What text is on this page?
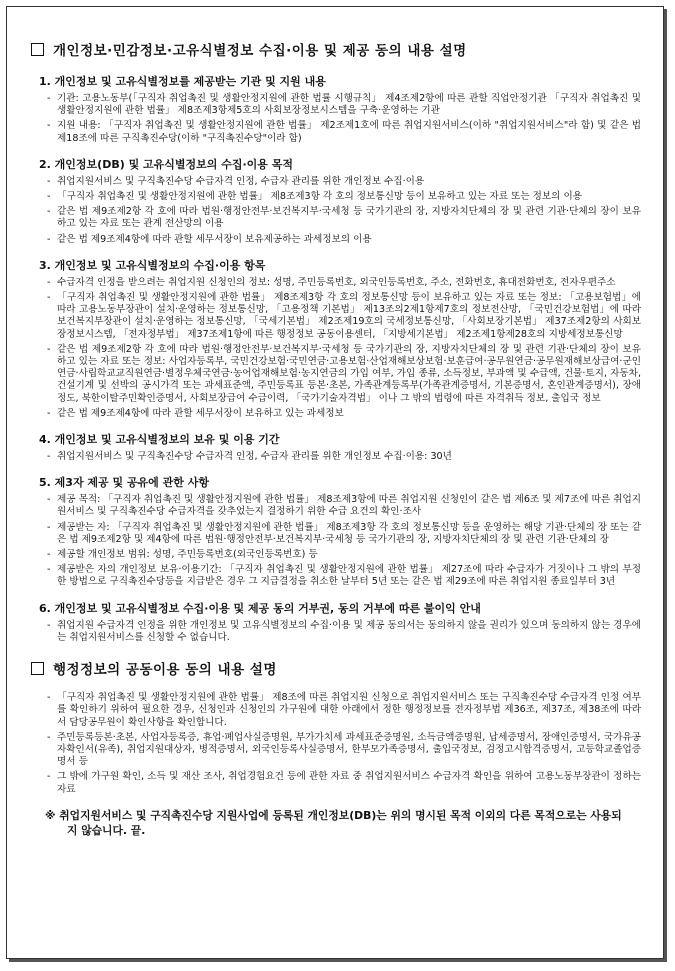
개인정보·민감정보·고유식별정보 수집·이용 및 제공 동의 내용 설명
1. 개인정보 및 고유식별정보를 제공받는 기관 및 지원 내용
- 기관: 고용노동부(「구직자 취업촉진 및 생활안정지원에 관한 법률 시행규칙」 제4조제2항에 따른 관할 직업안정기관 「구직자 취업촉진 및 생활안정지원에 관한 법률」 제8조제3항제5호의 사회보장정보시스템을 구축·운영하는 기관
- 지원 내용: 「구직자 취업촉진 및 생활안정지원에 관한 법률」 제2조제1호에 따른 취업지원서비스(이하 "취업지원서비스"라 함) 및 같은 법 제18조에 따른 구직촉진수당(이하 "구직촉진수당"이라 함)
2. 개인정보(DB) 및 고유식별정보의 수집·이용 목적
- 취업지원서비스 및 구직촉진수당 수급자격 인정, 수급자 관리를 위한 개인정보 수집·이용
- 「구직자 취업촉진 및 생활안정지원에 관한 법률」 제8조제3항 각 호의 정보통신망 등이 보유하고 있는 자료 또는 정보의 이용
- 같은 법 제9조제2항 각 호에 따라 법원·행정안전부·보건복지부·국세청 등 국가기관의 장, 지방자치단체의 장 및 관련 기관·단체의 장이 보유하고 있는 자료 또는 관계 전산망의 이용
- 같은 법 제9조제4항에 따라 관할 세무서장이 보유제공하는 과세정보의 이용
3. 개인정보 및 고유식별정보의 수집·이용 항목
- 수급자격 인정을 받으려는 취업지원 신청인의 정보: 성명, 주민등록번호, 외국인등록번호, 주소, 전화번호, 휴대전화번호, 전자우편주소
- 「구직자 취업촉진 및 생활안정지원에 관한 법률」 제8조제3항 각 호의 정보통신망 등이 보유하고 있는 자료 또는 정보: 「고용보험법」에 따라 고용노동부장관이 설치·운영하는 정보통신망, 「고용정책 기본법」 제13조의2제1항제7호의 정보전산망, 「국민건강보험법」에 따라 보건복지부장관이 설치·운영하는 정보통신망, 「국세기본법」 제2조제19호의 국세정보통신망, 「사회보장기본법」 제37조제2항의 사회보장정보시스템, 「전자정부법」 제37조제1항에 따른 행정정보 공동이용센터, 「지방세기본법」 제2조제1항제28호의 지방세정보통신망
- 같은 법 제9조제2항 각 호에 따라 법원·행정안전부·보건복지부·국세청 등 국가기관의 장, 지방자치단체의 장 및 관련 기관·단체의 장이 보유하고 있는 자료 또는 정보: 사업자등록부, 국민건강보험·국민연금·고용보험·산업재해보상보험·보훈급여·공무원연금·공무원재해보상급여·군인연금·사립학교교직원연금·별정우체국연금·농어업재해보험·농지연금의 가입 여부, 가입 종류, 소득정보, 부과액 및 수급액, 건물·토지, 자동차, 건설기계 및 선박의 공시가격 또는 과세표준액, 주민등록표 등본·초본, 가족관계등록부(가족관계증명서, 기본증명서, 혼인관계증명서), 장애 정도, 북한이탈주민확인증명서, 사회보장급여 수급이력, 「국가기술자격법」 이나 그 밖의 법령에 따른 자격취득 정보, 출입국 정보
- 같은 법 제9조제4항에 따라 관할 세무서장이 보유하고 있는 과세정보
4. 개인정보 및 고유식별정보의 보유 및 이용 기간
- 취업지원서비스 및 구직촉진수당 수급자격 인정, 수급자 관리를 위한 개인정보 수집·이용: 30년
5. 제3자 제공 및 공유에 관한 사항
- 제공 목적: 「구직자 취업촉진 및 생활안정지원에 관한 법률」 제8조제3항에 따른 취업지원 신청인이 같은 법 제6조 및 제7조에 따른 취업지원서비스 및 구직촉진수당 수급자격을 갖추었는지 결정하기 위한 수급 요건의 확인·조사
- 제공받는 자: 「구직자 취업촉진 및 생활안정지원에 관한 법률」 제8조제3항 각 호의 정보통신망 등을 운영하는 해당 기관·단체의 장 또는 같은 법 제9조제2항 및 제4항에 따른 법원·행정안전부·보건복지부·국세청 등 국가기관의 장, 지방자치단체의 장 및 관련 기관·단체의 장
- 제공할 개인정보 범위: 성명, 주민등록번호(외국인등록번호) 등
- 제공받은 자의 개인정보 보유·이용기간: 「구직자 취업촉진 및 생활안정지원에 관한 법률」 제27조에 따라 수급자가 거짓이나 그 밖의 부정한 방법으로 구직촉진수당등을 지급받은 경우 그 지급결정을 취소한 날부터 5년 또는 같은 법 제29조에 따른 취업지원 종료일부터 3년
6. 개인정보 및 고유식별정보 수집·이용 및 제공 동의 거부권, 동의 거부에 따른 불이익 안내
- 취업지원 수급자격 인정을 위한 개인정보 및 고유식별정보의 수집·이용 및 제공 동의서는 동의하지 않을 권리가 있으며 동의하지 않는 경우에는 취업지원서비스를 신청할 수 없습니다.
행정정보의 공동이용 동의 내용 설명
- 「구직자 취업촉진 및 생활안정지원에 관한 법률」 제8조에 따른 취업지원 신청으로 취업지원서비스 또는 구직촉진수당 수급자격 인정 여부를 확인하기 위하여 필요한 경우, 신청인과 신청인의 가구원에 대한 아래에서 정한 행정정보를 전자정부법 제36조, 제37조, 제38조에 따라서 담당공무원이 확인사항을 확인합니다.
- 주민등록등본·초본, 사업자등록증, 휴업·폐업사실증명원, 부가가치세 과세표준증명원, 소득금액증명원, 납세증명서, 장애인증명서, 국가유공자확인서(유족), 취업지원대상자, 병적증명서, 외국인등록사실증명서, 한부모가족증명서, 출입국정보, 검정고시합격증명서, 고등학교졸업증명서 등
- 그 밖에 가구원 확인, 소득 및 재산 조사, 취업경험요건 등에 관한 자료 중 취업지원서비스 수급자격 확인을 위하여 고용노동부장관이 정하는 자료
※ 취업지원서비스 및 구직촉진수당 지원사업에 등록된 개인정보(DB)는 위의 명시된 목적 이외의 다른 목적으로는 사용되지 않습니다. 끝.
